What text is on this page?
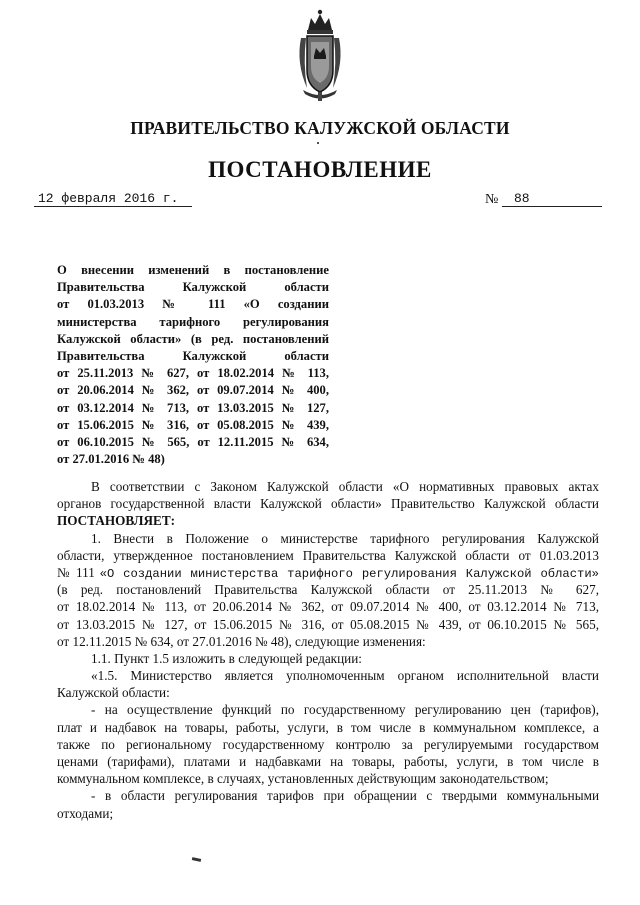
ПРАВИТЕЛЬСТВО КАЛУЖСКОЙ ОБЛАСТИ
ПОСТАНОВЛЕНИЕ
12 февраля 2016 г.	№ 88
О внесении изменений в постановление
Правительства Калужской области
от 01.03.2013 № 111 «О создании
министерства тарифного регулирования
Калужской области» (в ред. постановлений
Правительства Калужской области
от 25.11.2013 № 627, от 18.02.2014 № 113,
от 20.06.2014 № 362, от 09.07.2014 № 400,
от 03.12.2014 № 713, от 13.03.2015 № 127,
от 15.06.2015 № 316, от 05.08.2015 № 439,
от 06.10.2015 № 565, от 12.11.2015 № 634,
от 27.01.2016 № 48)
В соответствии с Законом Калужской области «О нормативных правовых актах
органов государственной власти Калужской области» Правительство Калужской области
ПОСТАНОВЛЯЕТ:
1. Внести в Положение о министерстве тарифного регулирования Калужской
области, утвержденное постановлением Правительства Калужской области от 01.03.2013
№ 111 «О создании министерства тарифного регулирования Калужской области»
(в ред. постановлений Правительства Калужской области от 25.11.2013 № 627,
от 18.02.2014 № 113, от 20.06.2014 № 362, от 09.07.2014 № 400, от 03.12.2014 № 713,
от 13.03.2015 № 127, от 15.06.2015 № 316, от 05.08.2015 № 439, от 06.10.2015 № 565,
от 12.11.2015 № 634, от 27.01.2016 № 48), следующие изменения:
1.1. Пункт 1.5 изложить в следующей редакции:
«1.5. Министерство является уполномоченным органом исполнительной власти
Калужской области:
- на осуществление функций по государственному регулированию цен (тарифов),
плат и надбавок на товары, работы, услуги, в том числе в коммунальном комплексе, а
также по региональному государственному контролю за регулируемыми государством
ценами (тарифами), платами и надбавками на товары, работы, услуги, в том числе в
коммунальном комплексе, в случаях, установленных действующим законодательством;
- в области регулирования тарифов при обращении с твердыми коммунальными
отходами;
